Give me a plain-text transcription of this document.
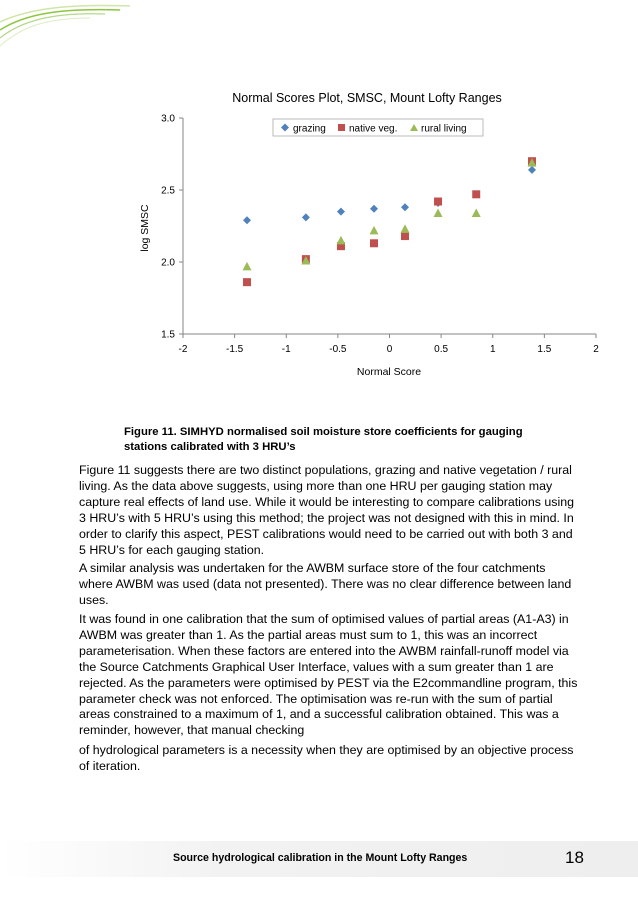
Normal Scores Plot, SMSC, Mount Lofty Ranges
grazing native veg. rural living
1.5
2.0
2.5
3.0
-2	-1.5	-1	-0.5	0	0.5	1	1.5	2
Normal Score
log SMSC
Figure 11. SIMHYD normalised soil moisture store coefficients for gauging stations calibrated with 3 HRU’s
Figure 11 suggests there are two distinct populations, grazing and native vegetation / rural living. As the data above suggests, using more than one HRU per gauging station may capture real effects of land use. While it would be interesting to compare calibrations using 3 HRU’s with 5 HRU’s using this method; the project was not designed with this in mind. In order to clarify this aspect, PEST calibrations would need to be carried out with both 3 and 5 HRU’s for each gauging station.
A similar analysis was undertaken for the AWBM surface store of the four catchments where AWBM was used (data not presented). There was no clear difference between land uses.
It was found in one calibration that the sum of optimised values of partial areas (A1-A3) in AWBM was greater than 1. As the partial areas must sum to 1, this was an incorrect parameterisation. When these factors are entered into the AWBM rainfall-runoff model via the Source Catchments Graphical User Interface, values with a sum greater than 1 are rejected. As the parameters were optimised by PEST via the E2commandline program, this parameter check was not enforced. The optimisation was re-run with the sum of partial areas constrained to a maximum of 1, and a successful calibration obtained. This was a reminder, however, that manual checking
of hydrological parameters is a necessity when they are optimised by an objective process of iteration.
Source hydrological calibration in the Mount Lofty Ranges	18
